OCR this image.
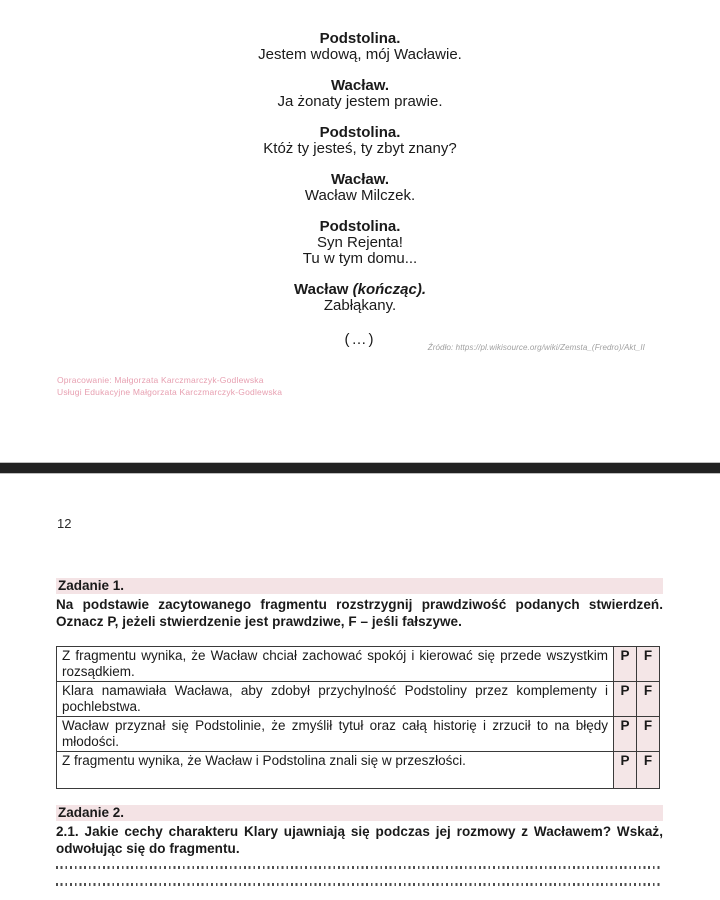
Podstolina.
Jestem wdową, mój Wacławie.
Wacław.
Ja żonaty jestem prawie.
Podstolina.
Któż ty jesteś, ty zbyt znany?
Wacław.
Wacław Milczek.
Podstolina.
Syn Rejenta!
Tu w tym domu...
Wacław (kończąc).
Zabłąkany.
(…)	Źródło: https://pl.wikisource.org/wiki/Zemsta_(Fredro)/Akt_II
Opracowanie: Małgorzata Karczmarczyk-Godlewska
Usługi Edukacyjne Małgorzata Karczmarczyk-Godlewska
12
Zadanie 1.
Na podstawie zacytowanego fragmentu rozstrzygnij prawdziwość podanych stwierdzeń. Oznacz P, jeżeli stwierdzenie jest prawdziwe, F – jeśli fałszywe.
Z fragmentu wynika, że Wacław chciał zachować spokój i kierować się przede wszystkim rozsądkiem.	P	F
Klara namawiała Wacława, aby zdobył przychylność Podstoliny przez komplementy i pochlebstwa.	P	F
Wacław przyznał się Podstolinie, że zmyślił tytuł oraz całą historię i zrzucił to na błędy młodości.	P	F
Z fragmentu wynika, że Wacław i Podstolina znali się w przeszłości.	P	F
Zadanie 2.
2.1. Jakie cechy charakteru Klary ujawniają się podczas jej rozmowy z Wacławem? Wskaż, odwołując się do fragmentu.
